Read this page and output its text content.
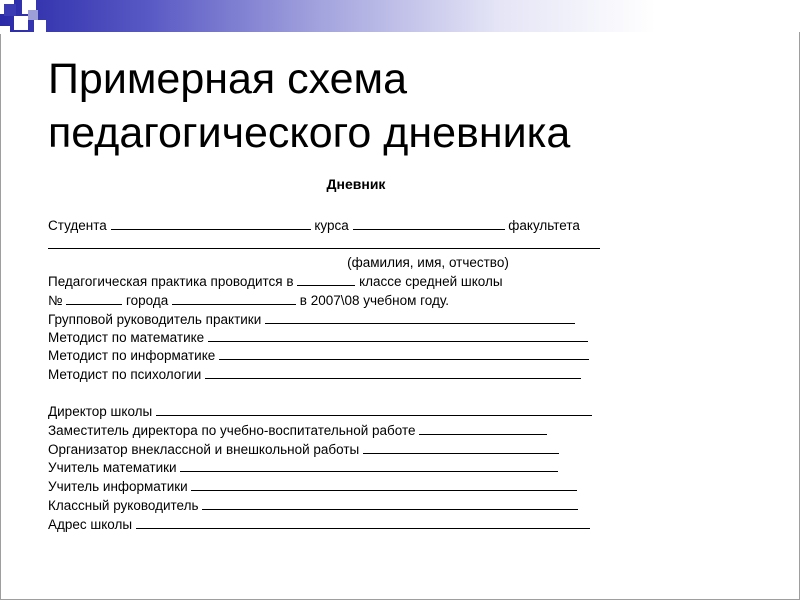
Примерная схема
педагогического дневника
Дневник
Студента	курса	факультета
(фамилия, имя, отчество)
Педагогическая практика проводится в	классе средней школы
№	города	в 2007\08 учебном году.
Групповой руководитель практики
Методист по математике
Методист по информатике
Методист по психологии
Директор школы
Заместитель директора по учебно-воспитательной работе
Организатор внеклассной и внешкольной работы
Учитель математики
Учитель информатики
Классный руководитель
Адрес школы
